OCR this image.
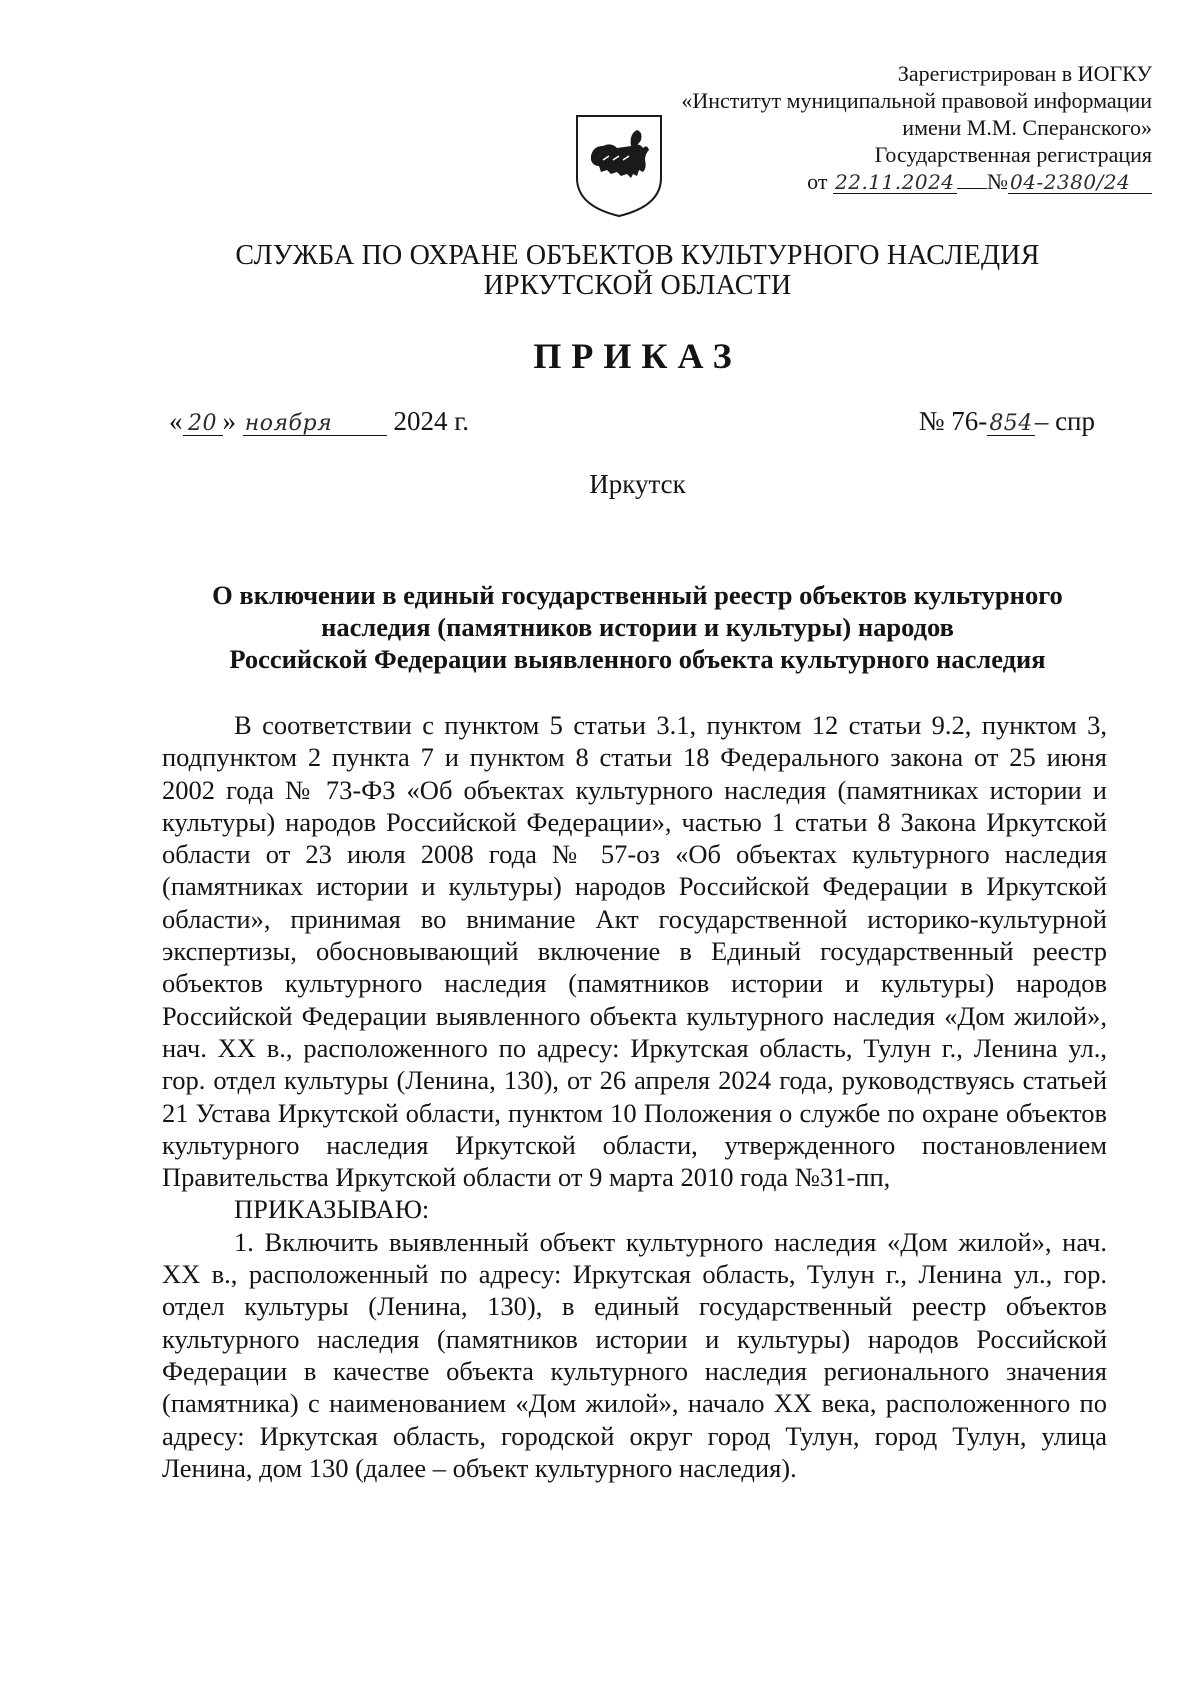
Зарегистрирован в ИОГКУ
«Институт муниципальной правовой информации
имени М.М. Сперанского»
Государственная регистрация
от 22.11.2024 № 04-2380/24
СЛУЖБА ПО ОХРАНЕ ОБЪЕКТОВ КУЛЬТУРНОГО НАСЛЕДИЯ
ИРКУТСКОЙ ОБЛАСТИ
ПРИКАЗ
« 20 » ноября 2024 г.	№ 76-854– спр
Иркутск
О включении в единый государственный реестр объектов культурного
наследия (памятников истории и культуры) народов
Российской Федерации выявленного объекта культурного наследия

В соответствии с пунктом 5 статьи 3.1, пунктом 12 статьи 9.2, пунктом 3, подпунктом 2 пункта 7 и пунктом 8 статьи 18 Федерального закона от 25 июня 2002 года № 73-ФЗ «Об объектах культурного наследия (памятниках истории и культуры) народов Российской Федерации», частью 1 статьи 8 Закона Иркутской области от 23 июля 2008 года № 57-оз «Об объектах культурного наследия (памятниках истории и культуры) народов Российской Федерации в Иркутской области», принимая во внимание Акт государственной историко-культурной экспертизы, обосновывающий включение в Единый государственный реестр объектов культурного наследия (памятников истории и культуры) народов Российской Федерации выявленного объекта культурного наследия «Дом жилой», нач. XX в., расположенного по адресу: Иркутская область, Тулун г., Ленина ул., гор. отдел культуры (Ленина, 130), от 26 апреля 2024 года, руководствуясь статьей 21 Устава Иркутской области, пунктом 10 Положения о службе по охране объектов культурного наследия Иркутской области, утвержденного постановлением Правительства Иркутской области от 9 марта 2010 года №31-пп,

ПРИКАЗЫВАЮ:

1. Включить выявленный объект культурного наследия «Дом жилой», нач. XX в., расположенный по адресу: Иркутская область, Тулун г., Ленина ул., гор. отдел культуры (Ленина, 130), в единый государственный реестр объектов культурного наследия (памятников истории и культуры) народов Российской Федерации в качестве объекта культурного наследия регионального значения (памятника) с наименованием «Дом жилой», начало XX века, расположенного по адресу: Иркутская область, городской округ город Тулун, город Тулун, улица Ленина, дом 130 (далее – объект культурного наследия).
